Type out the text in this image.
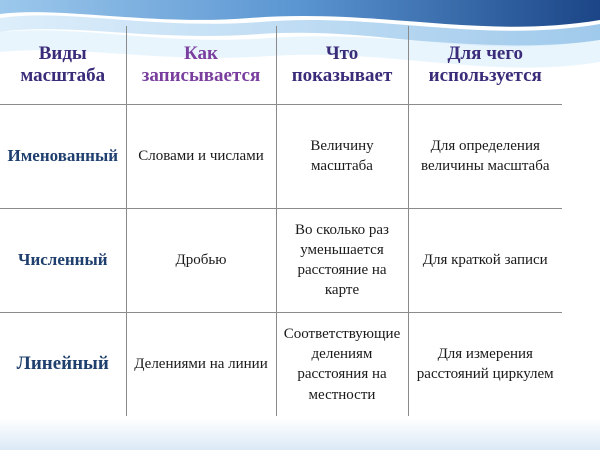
Виды масштаба	Как записывается	Что показывает	Для чего используется
Именованный	Словами и числами	Величину масштаба	Для определения величины масштаба
Численный	Дробью	Во сколько раз уменьшается расстояние на карте	Для краткой записи
Линейный	Делениями на линии	Соответствующие делениям расстояния на местности	Для измерения расстояний циркулем
